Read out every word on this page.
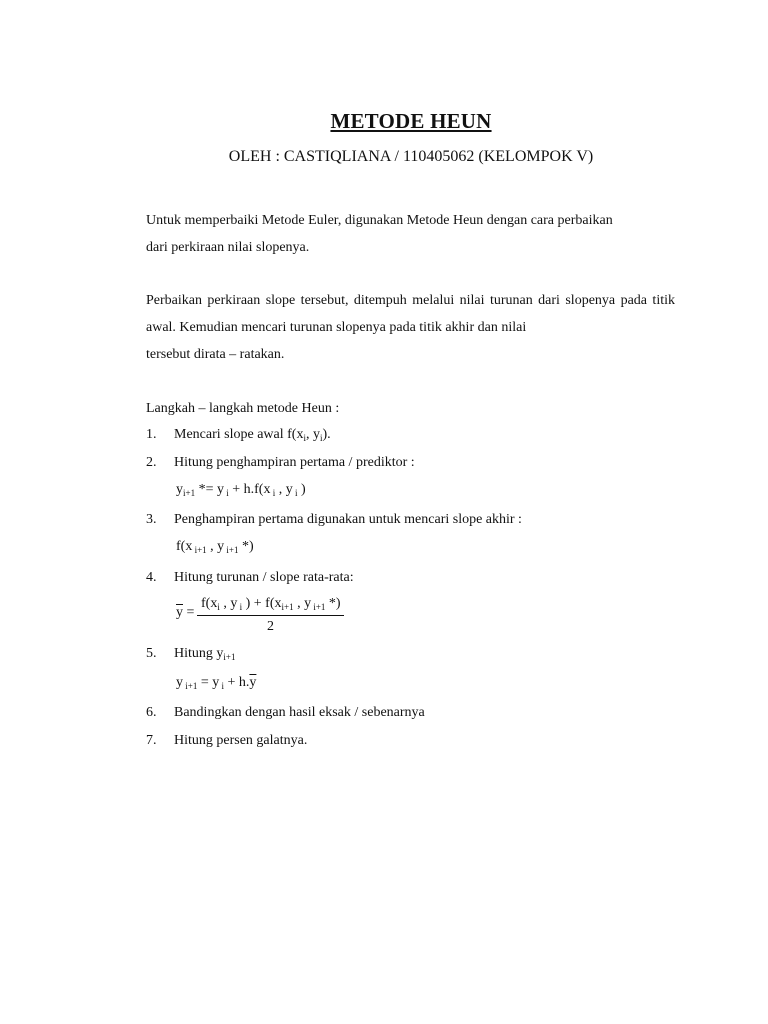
METODE HEUN
OLEH : CASTIQLIANA / 110405062 (KELOMPOK V)
Untuk memperbaiki Metode Euler, digunakan Metode Heun dengan cara perbaikan
dari perkiraan nilai slopenya.
Perbaikan perkiraan slope tersebut, ditempuh melalui nilai turunan dari slopenya pada titik awal. Kemudian mencari turunan slopenya pada titik akhir dan nilai
tersebut dirata – ratakan.
Langkah – langkah metode Heun :
1. Mencari slope awal $f(x_i$, $y_i$).
2. Hitung penghampiran pertama / prediktor :
$y_{i+1} *= y$ $_i$ + h.f(x $_i$ , y $_i$ )
3. Penghampiran pertama digunakan untuk mencari slope akhir :
f(x $_{i+1}$ , y $_{i+1}$ *)
4. Hitung turunan / slope rata-rata:
$\overline{y}$ =
$f(x_i$ , y $_i$ ) + $f(x_{i+1}$ , y $_{i+1}$ *)
2
5. Hitung $y_{i+1}$
y $_{i+1}$ = y $_i + h.\overline{y}$
6. Bandingkan dengan hasil eksak / sebenarnya
7. Hitung persen galatnya.
